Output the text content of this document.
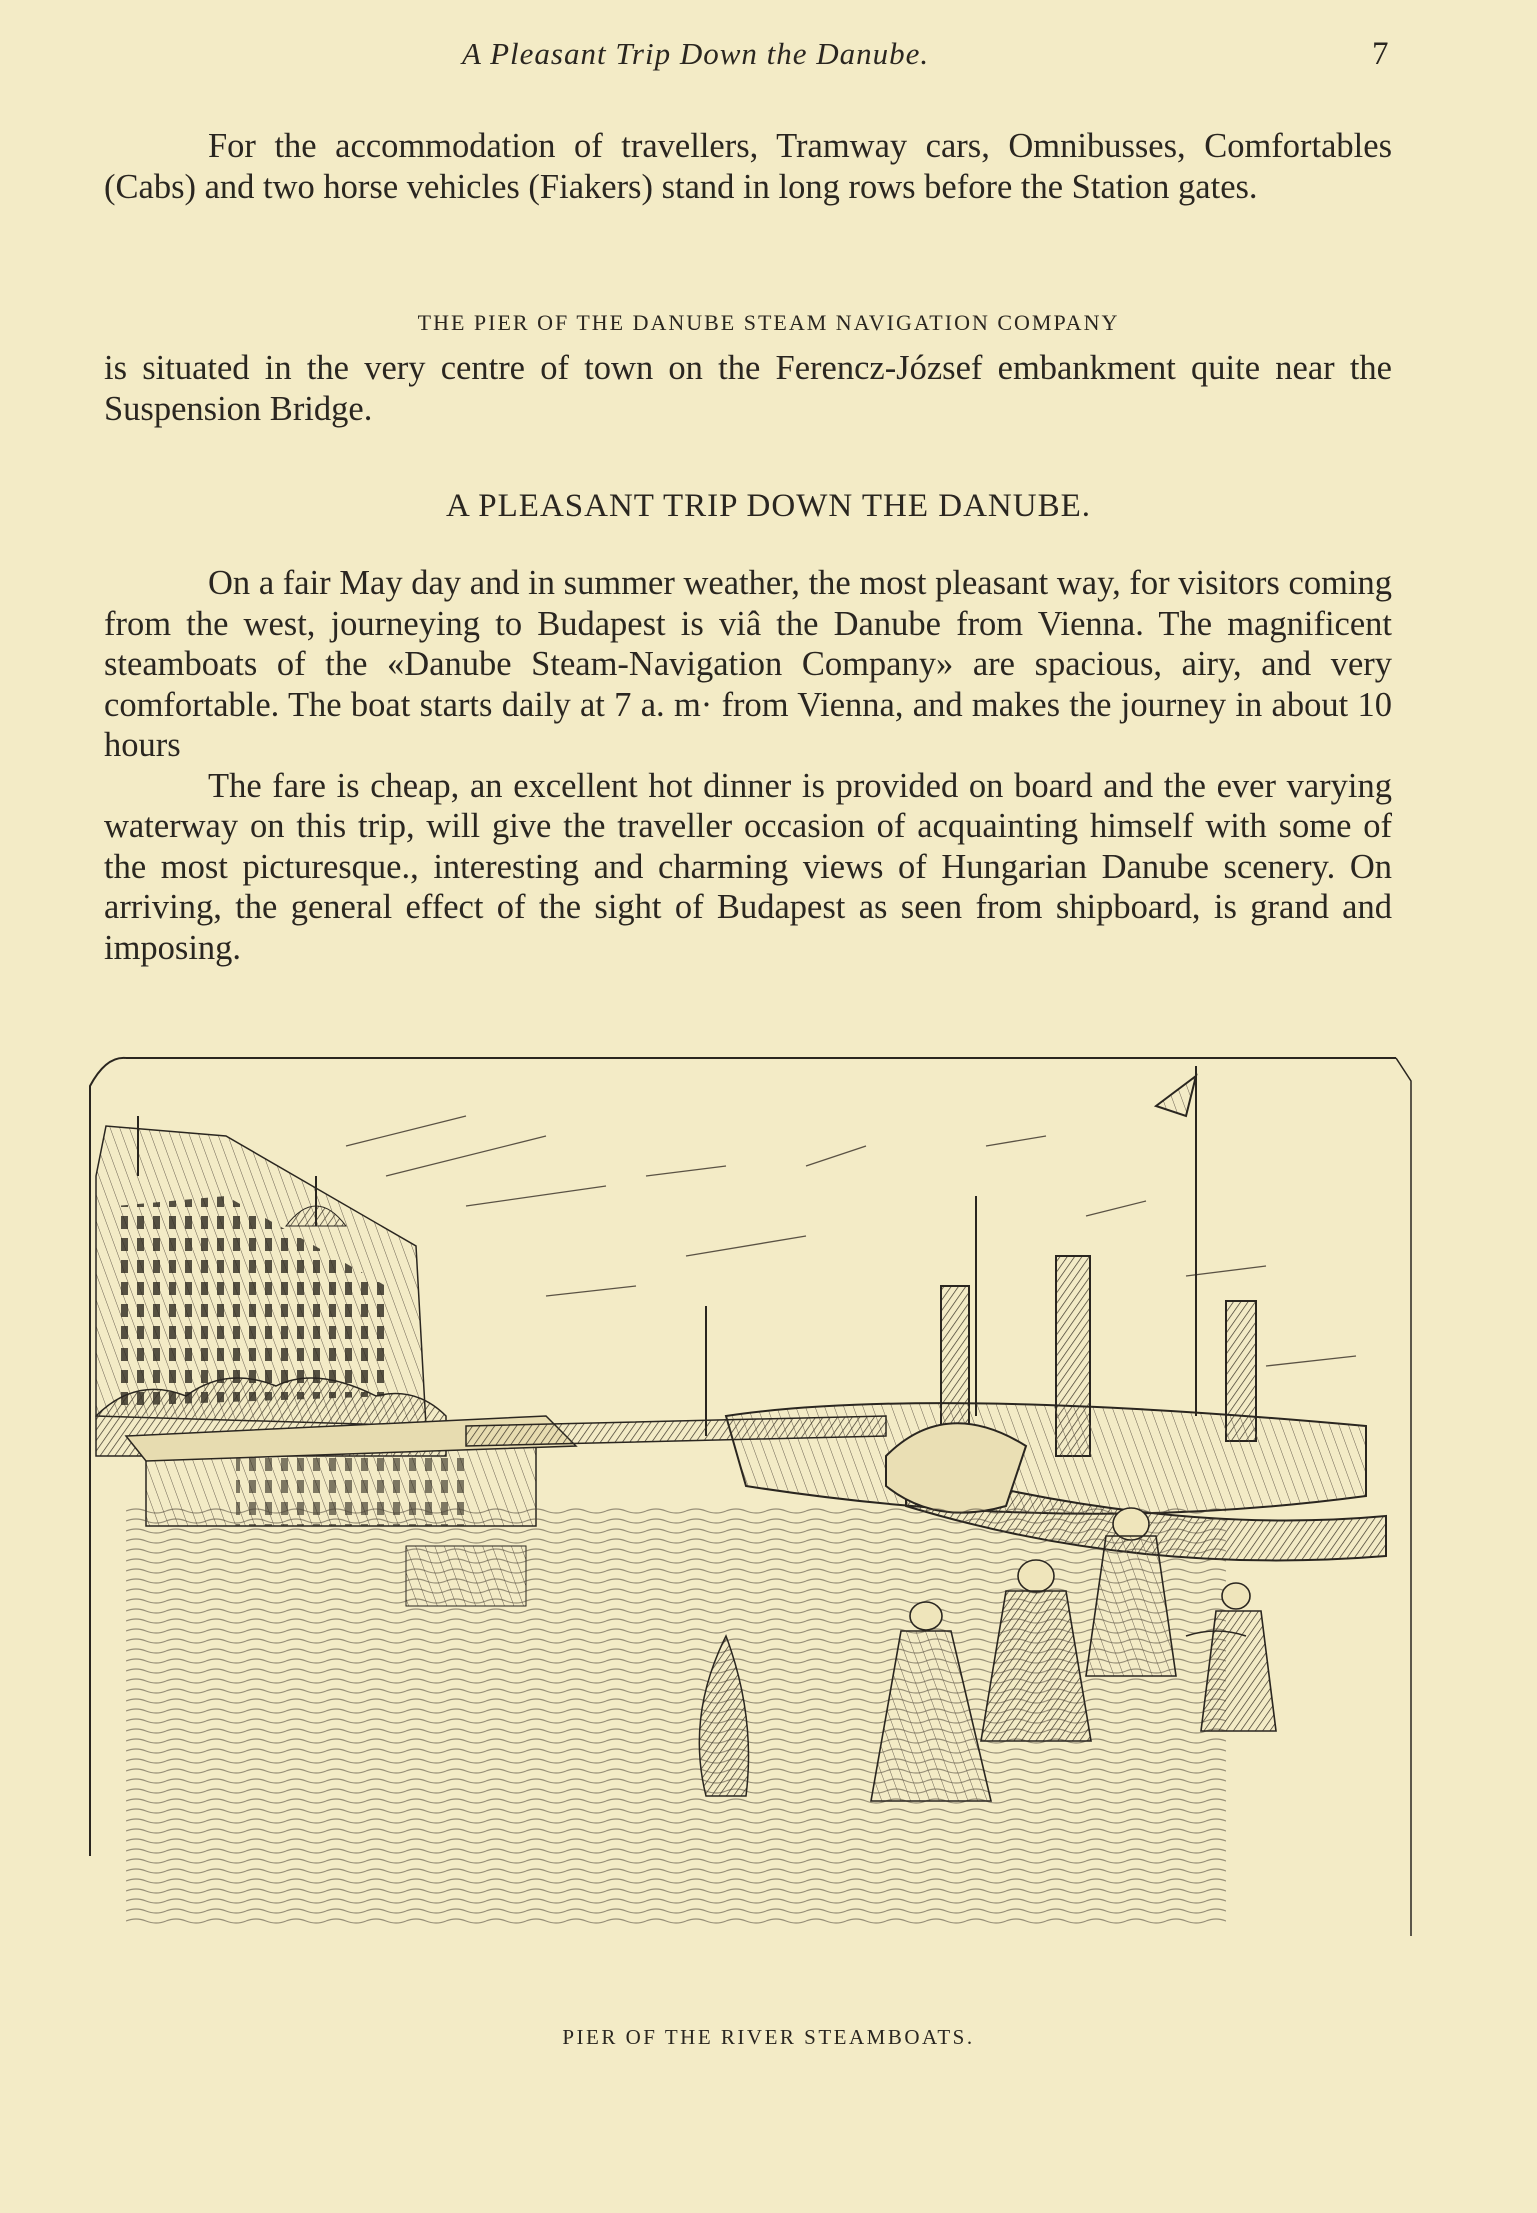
A Pleasant Trip Down the Danube.	7

For the accommodation of travellers, Tramway cars, Omnibusses, Comfortables (Cabs) and two horse vehicles (Fiakers) stand in long rows before the Station gates.

THE PIER OF THE DANUBE STEAM NAVIGATION COMPANY

is situated in the very centre of town on the Ferencz-József embankment quite near the Suspension Bridge.

A PLEASANT TRIP DOWN THE DANUBE.

On a fair May day and in summer weather, the most pleasant way, for visitors coming from the west, journeying to Budapest is viâ the Danube from Vienna. The magnificent steamboats of the «Danube Steam-Navigation Company» are spacious, airy, and very comfortable. The boat starts daily at 7 a. m· from Vienna, and makes the journey in about 10 hours

The fare is cheap, an excellent hot dinner is provided on board and the ever varying waterway on this trip, will give the traveller occasion of acquainting himself with some of the most picturesque., interesting and charming views of Hungarian Danube scenery. On arriving, the general effect of the sight of Budapest as seen from shipboard, is grand and imposing.

PIER OF THE RIVER STEAMBOATS.
